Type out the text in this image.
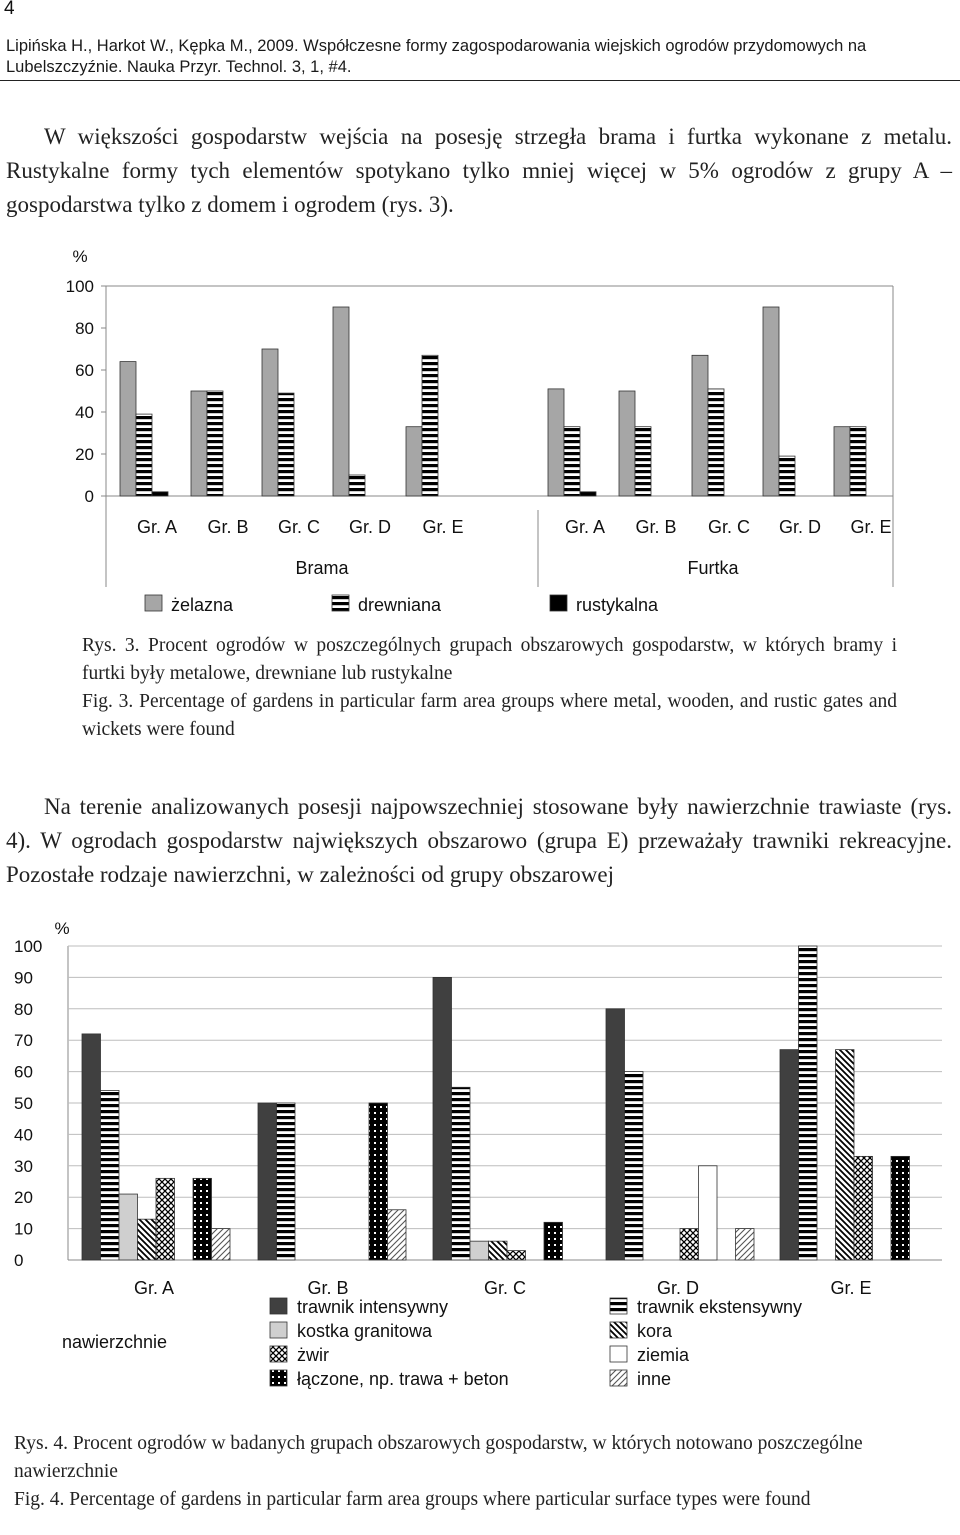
4
Lipińska H., Harkot W., Kępka M., 2009. Współczesne formy zagospodarowania wiejskich ogrodów przydomowych na Lubelszczyźnie. Nauka Przyr. Technol. 3, 1, #4.
W większości gospodarstw wejścia na posesję strzegła brama i furtka wykonane z metalu. Rustykalne formy tych elementów spotykano tylko mniej więcej w 5% ogrodów z grupy A – gospodarstwa tylko z domem i ogrodem (rys. 3).
%
0
20
40
60
80
100
Gr. A Gr. B Gr. C Gr. D Gr. E	Gr. A Gr. B Gr. C Gr. D Gr. E
Brama	Furtka
żelazna	drewniana	rustykalna
Rys. 3. Procent ogrodów w poszczególnych grupach obszarowych gospodarstw, w których bramy i furtki były metalowe, drewniane lub rustykalne
Fig. 3. Percentage of gardens in particular farm area groups where metal, wooden, and rustic gates and wickets were found
Na terenie analizowanych posesji najpowszechniej stosowane były nawierzchnie trawiaste (rys. 4). W ogrodach gospodarstw największych obszarowo (grupa E) przeważały trawniki rekreacyjne. Pozostałe rodzaje nawierzchni, w zależności od grupy obszarowej
%
0
10
20
30
40
50
60
70
80
90
100
Gr. A	Gr. B	Gr. C	Gr. D	Gr. E
nawierzchnie
trawnik intensywny	trawnik ekstensywny
kostka granitowa	kora
żwir	ziemia
łączone, np. trawa + beton	inne
Rys. 4. Procent ogrodów w badanych grupach obszarowych gospodarstw, w których notowano poszczególne nawierzchnie
Fig. 4. Percentage of gardens in particular farm area groups where particular surface types were found
